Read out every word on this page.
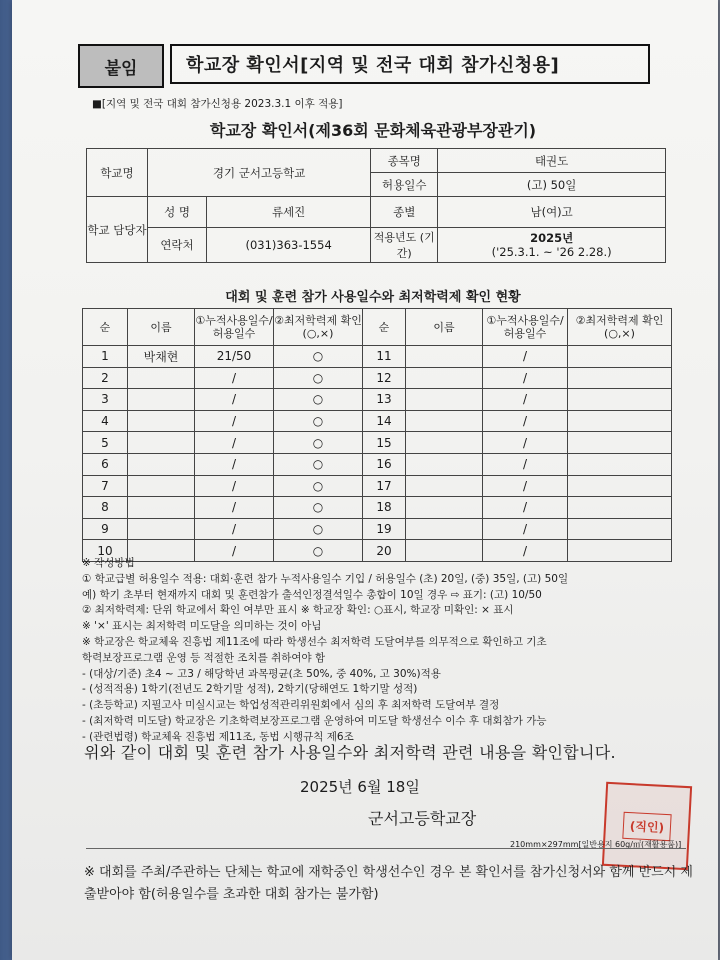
붙임	학교장 확인서[지역 및 전국 대회 참가신청용]
■[지역 및 전국 대회 참가신청용 2023.3.1 이후 적용]
학교장 확인서(제36회 문화체육관광부장관기)
학교명	경기 군서고등학교		종목명	태권도
			허용일수	(고) 50일
학교 담당자	성 명	류세진	종별	남(여)고
	연락처	(031)363-1554	적용년도 (기간)	2025년
('25.3.1. ~ '26 2.28.)
대회 및 훈련 참가 사용일수와 최저학력제 확인 현황
순	이름	①누적사용일수/허용일수	②최저학력제 확인(○,×)	순	이름	①누적사용일수/허용일수	②최저학력제 확인(○,×)
1	박채현	21/50	○	11		/	
2		/	○	12		/	
3		/	○	13		/	
4		/	○	14		/	
5		/	○	15		/	
6		/	○	16		/	
7		/	○	17		/	
8		/	○	18		/	
9		/	○	19		/	
10		/	○	20		/	
※ 작성방법
① 학교급별 허용일수 적용: 대회·훈련 참가 누적사용일수 기입 / 허용일수 (초) 20일, (중) 35일, (고) 50일
예) 학기 초부터 현재까지 대회 및 훈련참가 출석인정결석일수 총합이 10일 경우 ⇨ 표기: (고) 10/50
② 최저학력제: 단위 학교에서 확인 여부만 표시 ※ 학교장 확인: ○표시, 학교장 미확인: × 표시
※ '×' 표시는 최저학력 미도달을 의미하는 것이 아님
※ 학교장은 학교체육 진흥법 제11조에 따라 학생선수 최저학력 도달여부를 의무적으로 확인하고 기초
학력보장프로그램 운영 등 적절한 조치를 취하여야 함
- (대상/기준) 초4 ~ 고3 / 해당학년 과목평균(초 50%, 중 40%, 고 30%)적용
- (성적적용) 1학기(전년도 2학기말 성적), 2학기(당해연도 1학기말 성적)
- (초등학교) 지필고사 미실시교는 학업성적관리위원회에서 심의 후 최저학력 도달여부 결정
- (최저학력 미도달) 학교장은 기초학력보장프로그램 운영하여 미도달 학생선수 이수 후 대회참가 가능
- (관련법령) 학교체육 진흥법 제11조, 동법 시행규칙 제6조
위와 같이 대회 및 훈련 참가 사용일수와 최저학력 관련 내용을 확인합니다.
2025년 6월 18일
군서고등학교장	(직인)
210mm×297mm[일반용지 60g/㎡(재활용품)]
※ 대회를 주최/주관하는 단체는 학교에 재학중인 학생선수인 경우 본 확인서를 참가신청서와 함께 반드시 제출받아야 함(허용일수를 초과한 대회 참가는 불가함)
